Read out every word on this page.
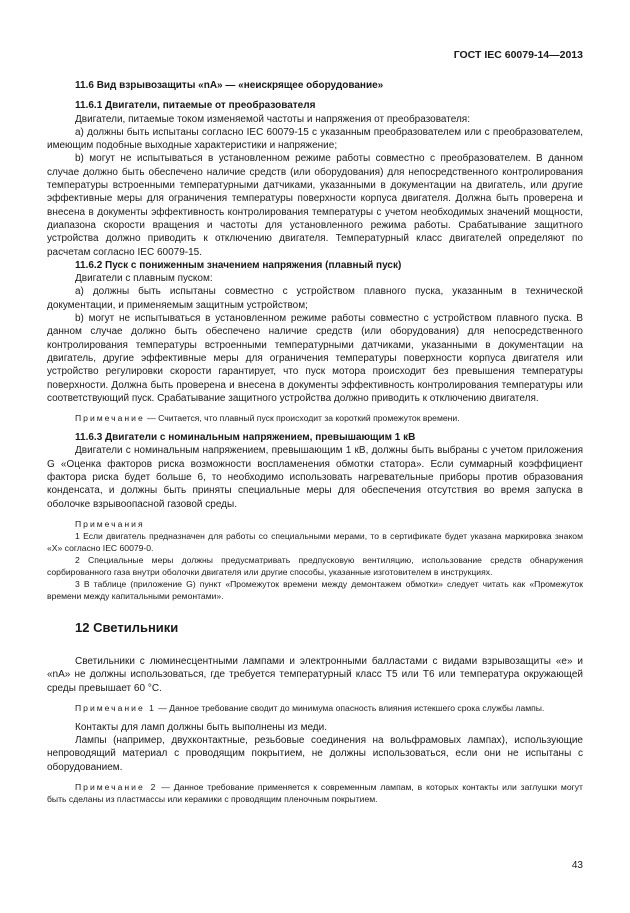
ГОСТ IEC 60079-14—2013

11.6 Вид взрывозащиты «nA» — «неискрящее оборудование»

11.6.1 Двигатели, питаемые от преобразователя

Двигатели, питаемые током изменяемой частоты и напряжения от преобразователя:

а) должны быть испытаны согласно IEC 60079-15 с указанным преобразователем или с преобразователем, имеющим подобные выходные характеристики и напряжение;

b) могут не испытываться в установленном режиме работы совместно с преобразователем. В данном случае должно быть обеспечено наличие средств (или оборудования) для непосредственного контролирования температуры встроенными температурными датчиками, указанными в документации на двигатель, или другие эффективные меры для ограничения температуры поверхности корпуса двигателя. Должна быть проверена и внесена в документы эффективность контролирования температуры с учетом необходимых значений мощности, диапазона скорости вращения и частоты для установленного режима работы. Срабатывание защитного устройства должно приводить к отключению двигателя. Температурный класс двигателей определяют по расчетам согласно IEC 60079-15.

11.6.2 Пуск с пониженным значением напряжения (плавный пуск)

Двигатели с плавным пуском:

а) должны быть испытаны совместно с устройством плавного пуска, указанным в технической документации, и применяемым защитным устройством;

b) могут не испытываться в установленном режиме работы совместно с устройством плавного пуска. В данном случае должно быть обеспечено наличие средств (или оборудования) для непосредственного контролирования температуры встроенными температурными датчиками, указанными в документации на двигатель, другие эффективные меры для ограничения температуры поверхности корпуса двигателя или устройство регулировки скорости гарантирует, что пуск мотора происходит без превышения температуры поверхности. Должна быть проверена и внесена в документы эффективность контролирования температуры или соответствующий пуск. Срабатывание защитного устройства должно приводить к отключению двигателя.

Примечание — Считается, что плавный пуск происходит за короткий промежуток времени.

11.6.3 Двигатели с номинальным напряжением, превышающим 1 кВ

Двигатели с номинальным напряжением, превышающим 1 кВ, должны быть выбраны с учетом приложения G «Оценка факторов риска возможности воспламенения обмотки статора». Если суммарный коэффициент фактора риска будет больше 6, то необходимо использовать нагревательные приборы против образования конденсата, и должны быть приняты специальные меры для обеспечения отсутствия во время запуска в оболочке взрывоопасной газовой среды.

Примечания

1 Если двигатель предназначен для работы со специальными мерами, то в сертификате будет указана маркировка знаком «X» согласно IEC 60079-0.

2 Специальные меры должны предусматривать предпусковую вентиляцию, использование средств обнаружения сорбированного газа внутри оболочки двигателя или другие способы, указанные изготовителем в инструкциях.

3 В таблице (приложение G) пункт «Промежуток времени между демонтажем обмотки» следует читать как «Промежуток времени между капитальными ремонтами».

12 Светильники

Светильники с люминесцентными лампами и электронными балластами с видами взрывозащиты «e» и «nA» не должны использоваться, где требуется температурный класс T5 или T6 или температура окружающей среды превышает 60 °С.

Примечание 1 — Данное требование сводит до минимума опасность влияния истекшего срока службы лампы.

Контакты для ламп должны быть выполнены из меди.

Лампы (например, двухконтактные, резьбовые соединения на вольфрамовых лампах), использующие непроводящий материал с проводящим покрытием, не должны использоваться, если они не испытаны с оборудованием.

Примечание 2 — Данное требование применяется к современным лампам, в которых контакты или заглушки могут быть сделаны из пластмассы или керамики с проводящим пленочным покрытием.

43
